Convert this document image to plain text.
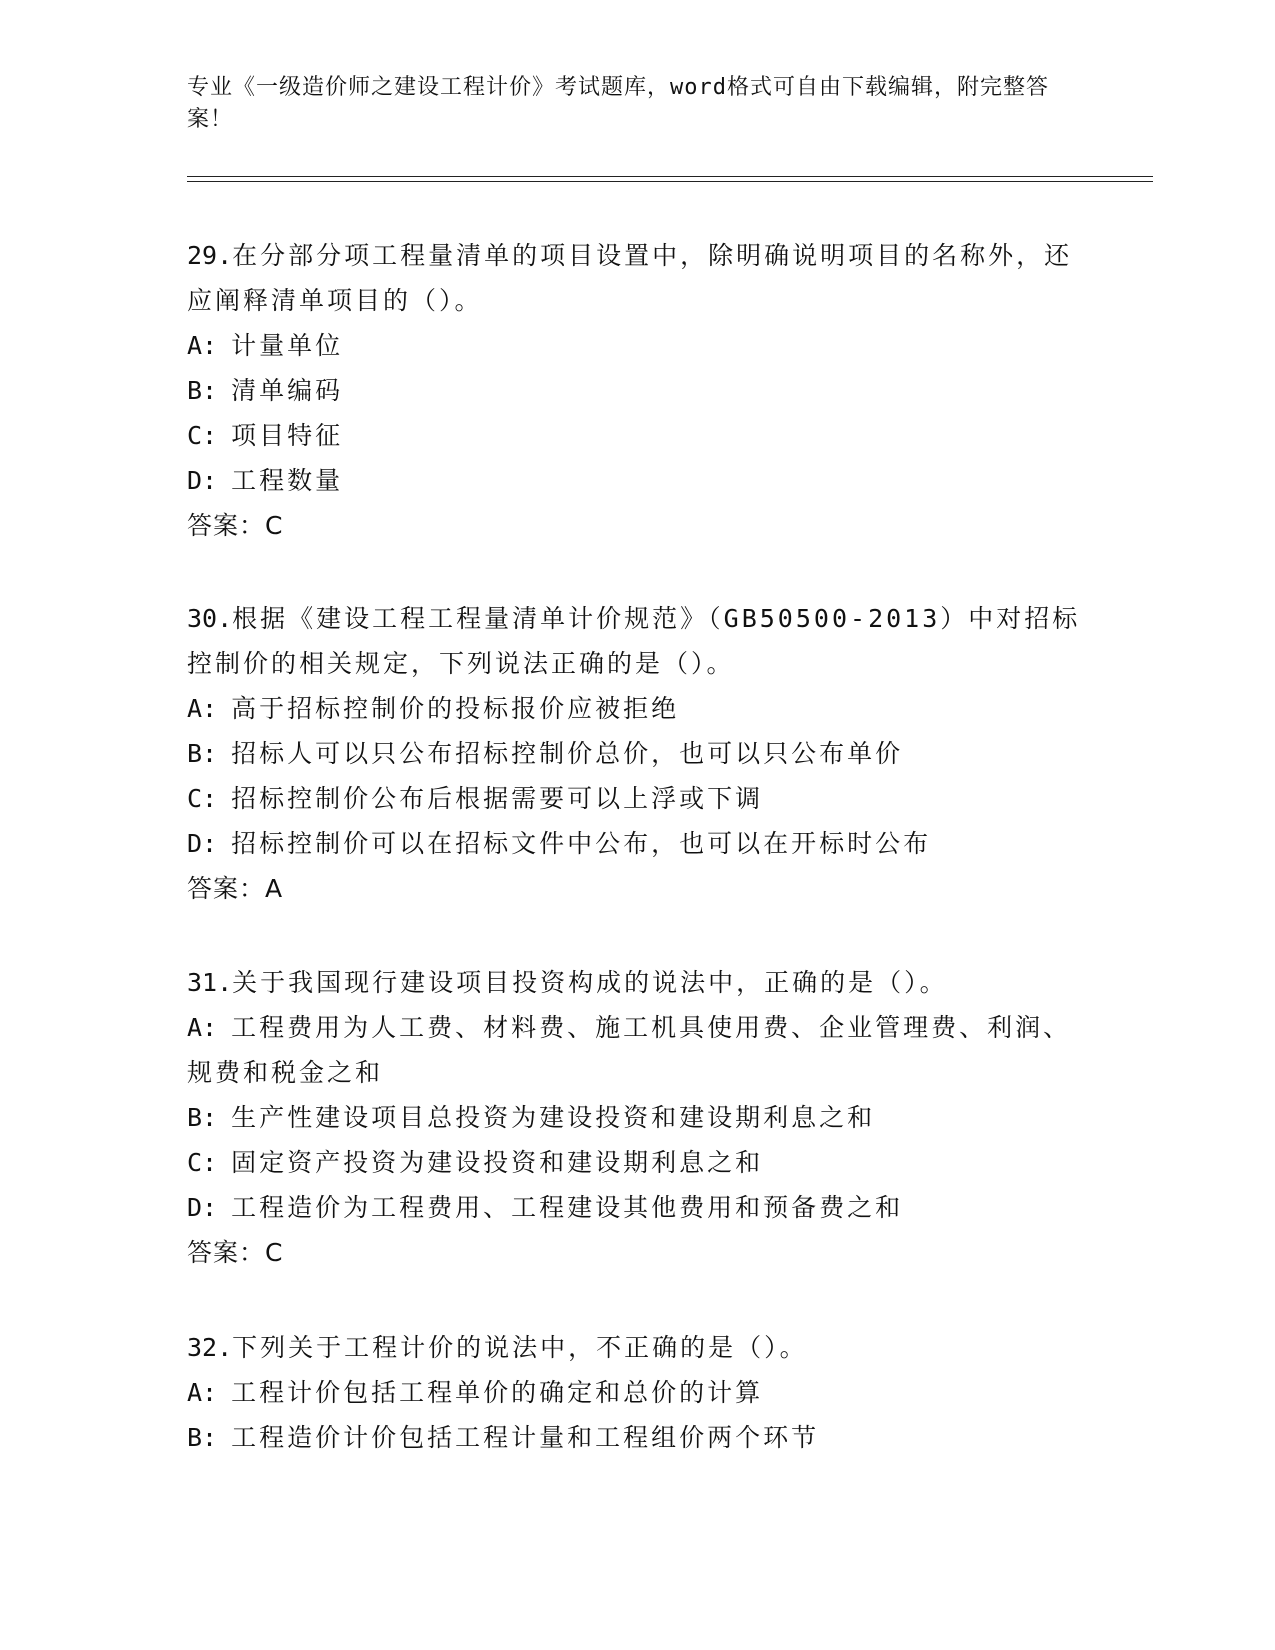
专业《一级造价师之建设工程计价》考试题库，word格式可自由下载编辑，附完整答案！
29.在分部分项工程量清单的项目设置中，除明确说明项目的名称外，还应阐释清单项目的（）。
A: 计量单位
B: 清单编码
C: 项目特征
D: 工程数量
答案：C
30.根据《建设工程工程量清单计价规范》（GB50500-2013）中对招标控制价的相关规定，下列说法正确的是（）。
A: 高于招标控制价的投标报价应被拒绝
B: 招标人可以只公布招标控制价总价，也可以只公布单价
C: 招标控制价公布后根据需要可以上浮或下调
D: 招标控制价可以在招标文件中公布，也可以在开标时公布
答案：A
31.关于我国现行建设项目投资构成的说法中，正确的是（）。
A: 工程费用为人工费、材料费、施工机具使用费、企业管理费、利润、规费和税金之和
B: 生产性建设项目总投资为建设投资和建设期利息之和
C: 固定资产投资为建设投资和建设期利息之和
D: 工程造价为工程费用、工程建设其他费用和预备费之和
答案：C
32.下列关于工程计价的说法中，不正确的是（）。
A: 工程计价包括工程单价的确定和总价的计算
B: 工程造价计价包括工程计量和工程组价两个环节
